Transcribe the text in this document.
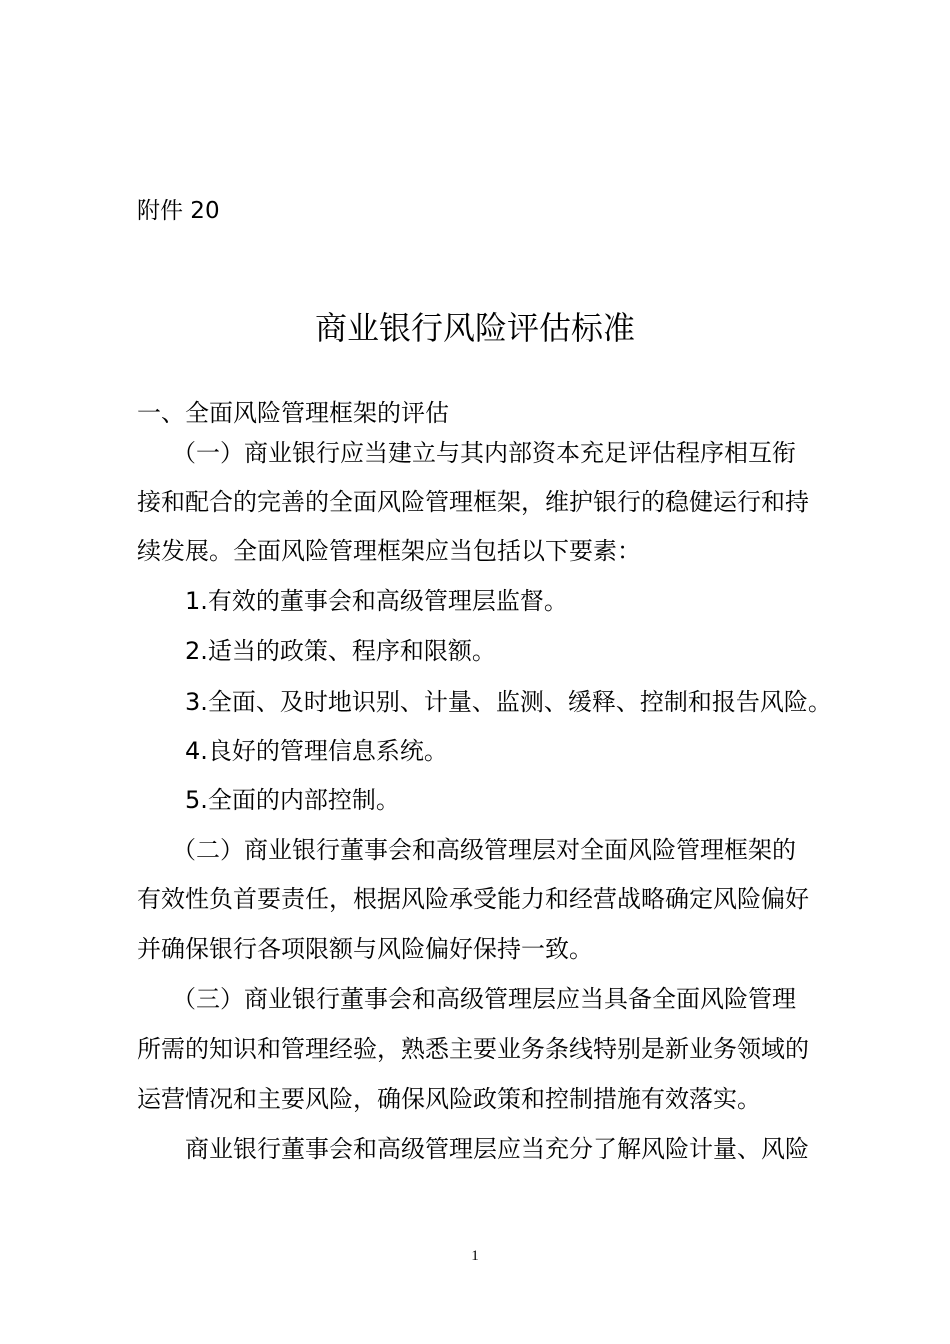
附件 20
商业银行风险评估标准
一、全面风险管理框架的评估
（一）商业银行应当建立与其内部资本充足评估程序相互衔
接和配合的完善的全面风险管理框架，维护银行的稳健运行和持
续发展。全面风险管理框架应当包括以下要素：
1.有效的董事会和高级管理层监督。
2.适当的政策、程序和限额。
3.全面、及时地识别、计量、监测、缓释、控制和报告风险。
4.良好的管理信息系统。
5.全面的内部控制。
（二）商业银行董事会和高级管理层对全面风险管理框架的
有效性负首要责任，根据风险承受能力和经营战略确定风险偏好
并确保银行各项限额与风险偏好保持一致。
（三）商业银行董事会和高级管理层应当具备全面风险管理
所需的知识和管理经验，熟悉主要业务条线特别是新业务领域的
运营情况和主要风险，确保风险政策和控制措施有效落实。
商业银行董事会和高级管理层应当充分了解风险计量、风险
1
